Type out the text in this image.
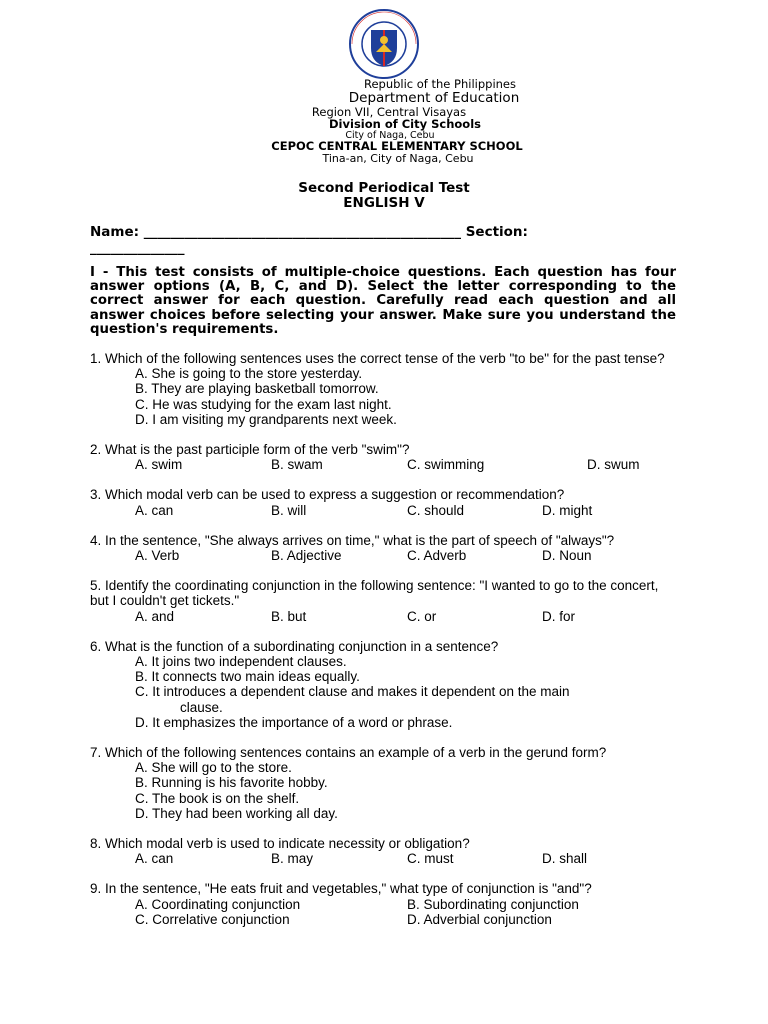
Republic of the Philippines
Department of Education
Region VII, Central Visayas
Division of City Schools
City of Naga, Cebu
CEPOC CENTRAL ELEMENTARY SCHOOL
Tina-an, City of Naga, Cebu
Second Periodical Test
ENGLISH V
Name: _______________________________________________ Section:
______________
I - This test consists of multiple-choice questions. Each question has four answer options (A, B, C, and D). Select the letter corresponding to the correct answer for each question. Carefully read each question and all answer choices before selecting your answer. Make sure you understand the question's requirements.
1. Which of the following sentences uses the correct tense of the verb "to be" for the past tense?
A. She is going to the store yesterday.
B. They are playing basketball tomorrow.
C. He was studying for the exam last night.
D. I am visiting my grandparents next week.
2. What is the past participle form of the verb "swim"?
A. swim	B. swam	C. swimming	D. swum
3. Which modal verb can be used to express a suggestion or recommendation?
A. can	B. will	C. should	D. might
4. In the sentence, "She always arrives on time," what is the part of speech of "always"?
A. Verb	B. Adjective	C. Adverb	D. Noun
5. Identify the coordinating conjunction in the following sentence: "I wanted to go to the concert, but I couldn't get tickets."
A. and	B. but	C. or	D. for
6. What is the function of a subordinating conjunction in a sentence?
A. It joins two independent clauses.
B. It connects two main ideas equally.
C. It introduces a dependent clause and makes it dependent on the main
clause.
D. It emphasizes the importance of a word or phrase.
7. Which of the following sentences contains an example of a verb in the gerund form?
A. She will go to the store.
B. Running is his favorite hobby.
C. The book is on the shelf.
D. They had been working all day.
8. Which modal verb is used to indicate necessity or obligation?
A. can	B. may	C. must	D. shall
9. In the sentence, "He eats fruit and vegetables," what type of conjunction is "and"?
A. Coordinating conjunction	B. Subordinating conjunction
C. Correlative conjunction	D. Adverbial conjunction
